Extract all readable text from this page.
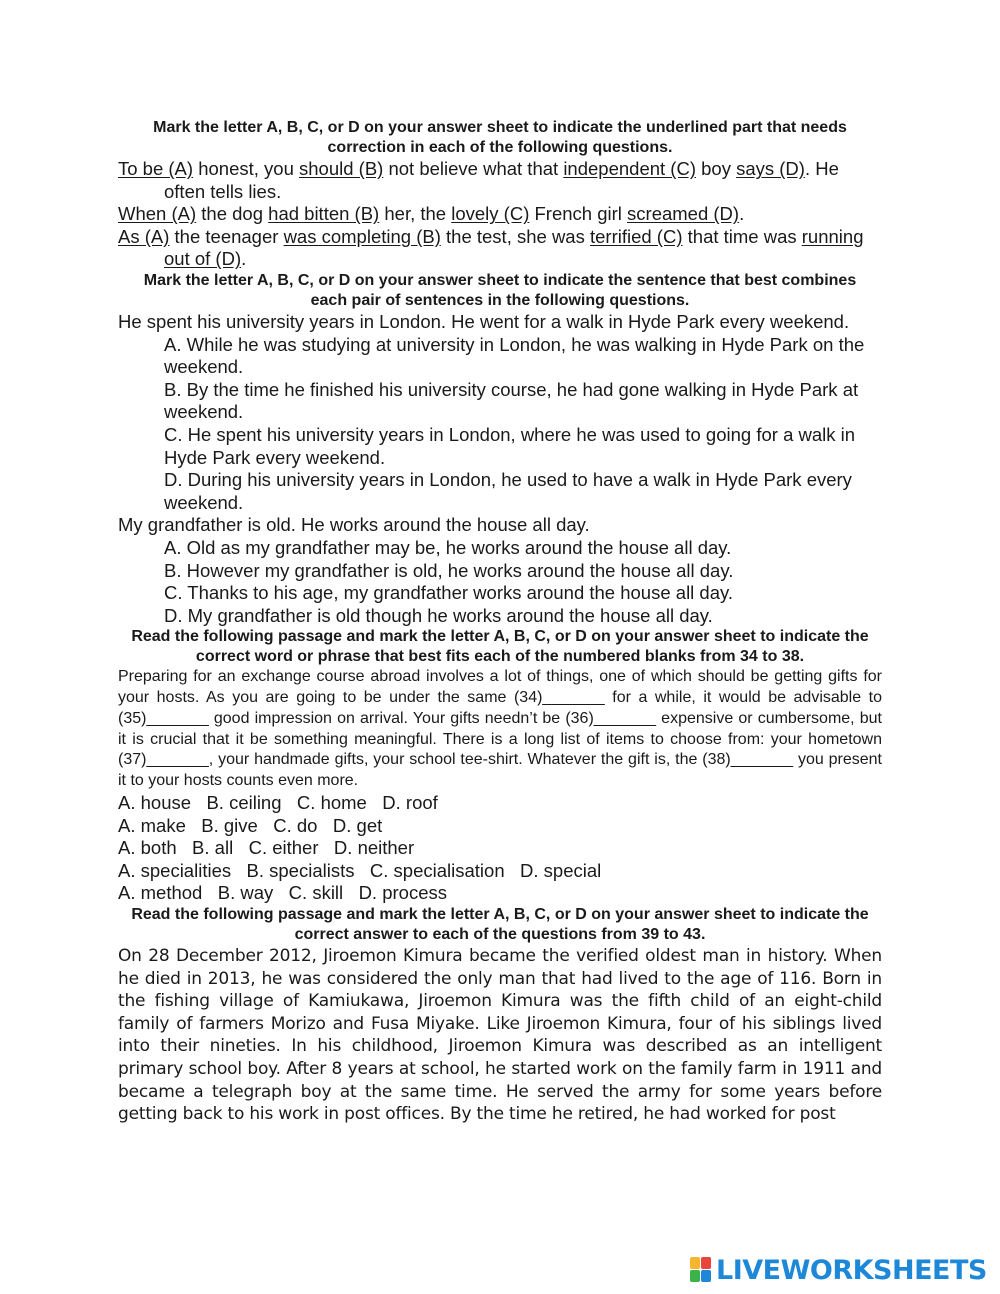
Mark the letter A, B, C, or D on your answer sheet to indicate the underlined part that needs correction in each of the following questions.
To be (A) honest, you should (B) not believe what that independent (C) boy says (D). He often tells lies.
When (A) the dog had bitten (B) her, the lovely (C) French girl screamed (D).
As (A) the teenager was completing (B) the test, she was terrified (C) that time was running out of (D).
Mark the letter A, B, C, or D on your answer sheet to indicate the sentence that best combines each pair of sentences in the following questions.
He spent his university years in London. He went for a walk in Hyde Park every weekend.
A. While he was studying at university in London, he was walking in Hyde Park on the weekend.
B. By the time he finished his university course, he had gone walking in Hyde Park at weekend.
C. He spent his university years in London, where he was used to going for a walk in Hyde Park every weekend.
D. During his university years in London, he used to have a walk in Hyde Park every weekend.
My grandfather is old. He works around the house all day.
A. Old as my grandfather may be, he works around the house all day.
B. However my grandfather is old, he works around the house all day.
C. Thanks to his age, my grandfather works around the house all day.
D. My grandfather is old though he works around the house all day.
Read the following passage and mark the letter A, B, C, or D on your answer sheet to indicate the correct word or phrase that best fits each of the numbered blanks from 34 to 38.
Preparing for an exchange course abroad involves a lot of things, one of which should be getting gifts for your hosts. As you are going to be under the same (34)_______ for a while, it would be advisable to (35)_______ good impression on arrival. Your gifts needn’t be (36)_______ expensive or cumbersome, but it is crucial that it be something meaningful. There is a long list of items to choose from: your hometown (37)_______, your handmade gifts, your school tee-shirt. Whatever the gift is, the (38)_______ you present it to your hosts counts even more.
A. house   B. ceiling   C. home   D. roof
A. make   B. give   C. do   D. get
A. both   B. all   C. either   D. neither
A. specialities   B. specialists   C. specialisation   D. special
A. method   B. way   C. skill   D. process
Read the following passage and mark the letter A, B, C, or D on your answer sheet to indicate the correct answer to each of the questions from 39 to 43.
On 28 December 2012, Jiroemon Kimura became the verified oldest man in history. When he died in 2013, he was considered the only man that had lived to the age of 116. Born in the fishing village of Kamiukawa, Jiroemon Kimura was the fifth child of an eight-child family of farmers Morizo and Fusa Miyake. Like Jiroemon Kimura, four of his siblings lived into their nineties. In his childhood, Jiroemon Kimura was described as an intelligent primary school boy. After 8 years at school, he started work on the family farm in 1911 and became a telegraph boy at the same time. He served the army for some years before getting back to his work in post offices. By the time he retired, he had worked for post
LIVEWORKSHEETS
